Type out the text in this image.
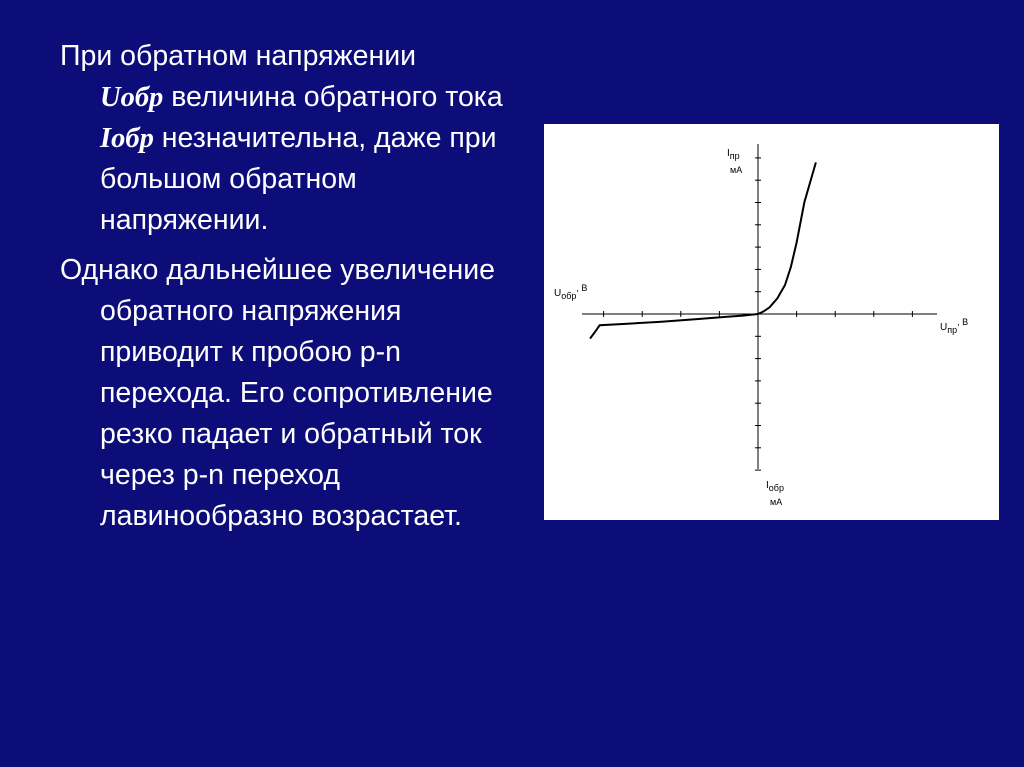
При обратном напряжении
Uобр величина обратного тока Iобр незначительна, даже при большом обратном напряжении.

Однако дальнейшее увеличение обратного напряжения приводит к пробою p-n перехода. Его сопротивление резко падает и обратный ток через p-n переход лавинообразно возрастает.

Iпр
мА
Uобр, В
Uпр, В
Iобр
мА
